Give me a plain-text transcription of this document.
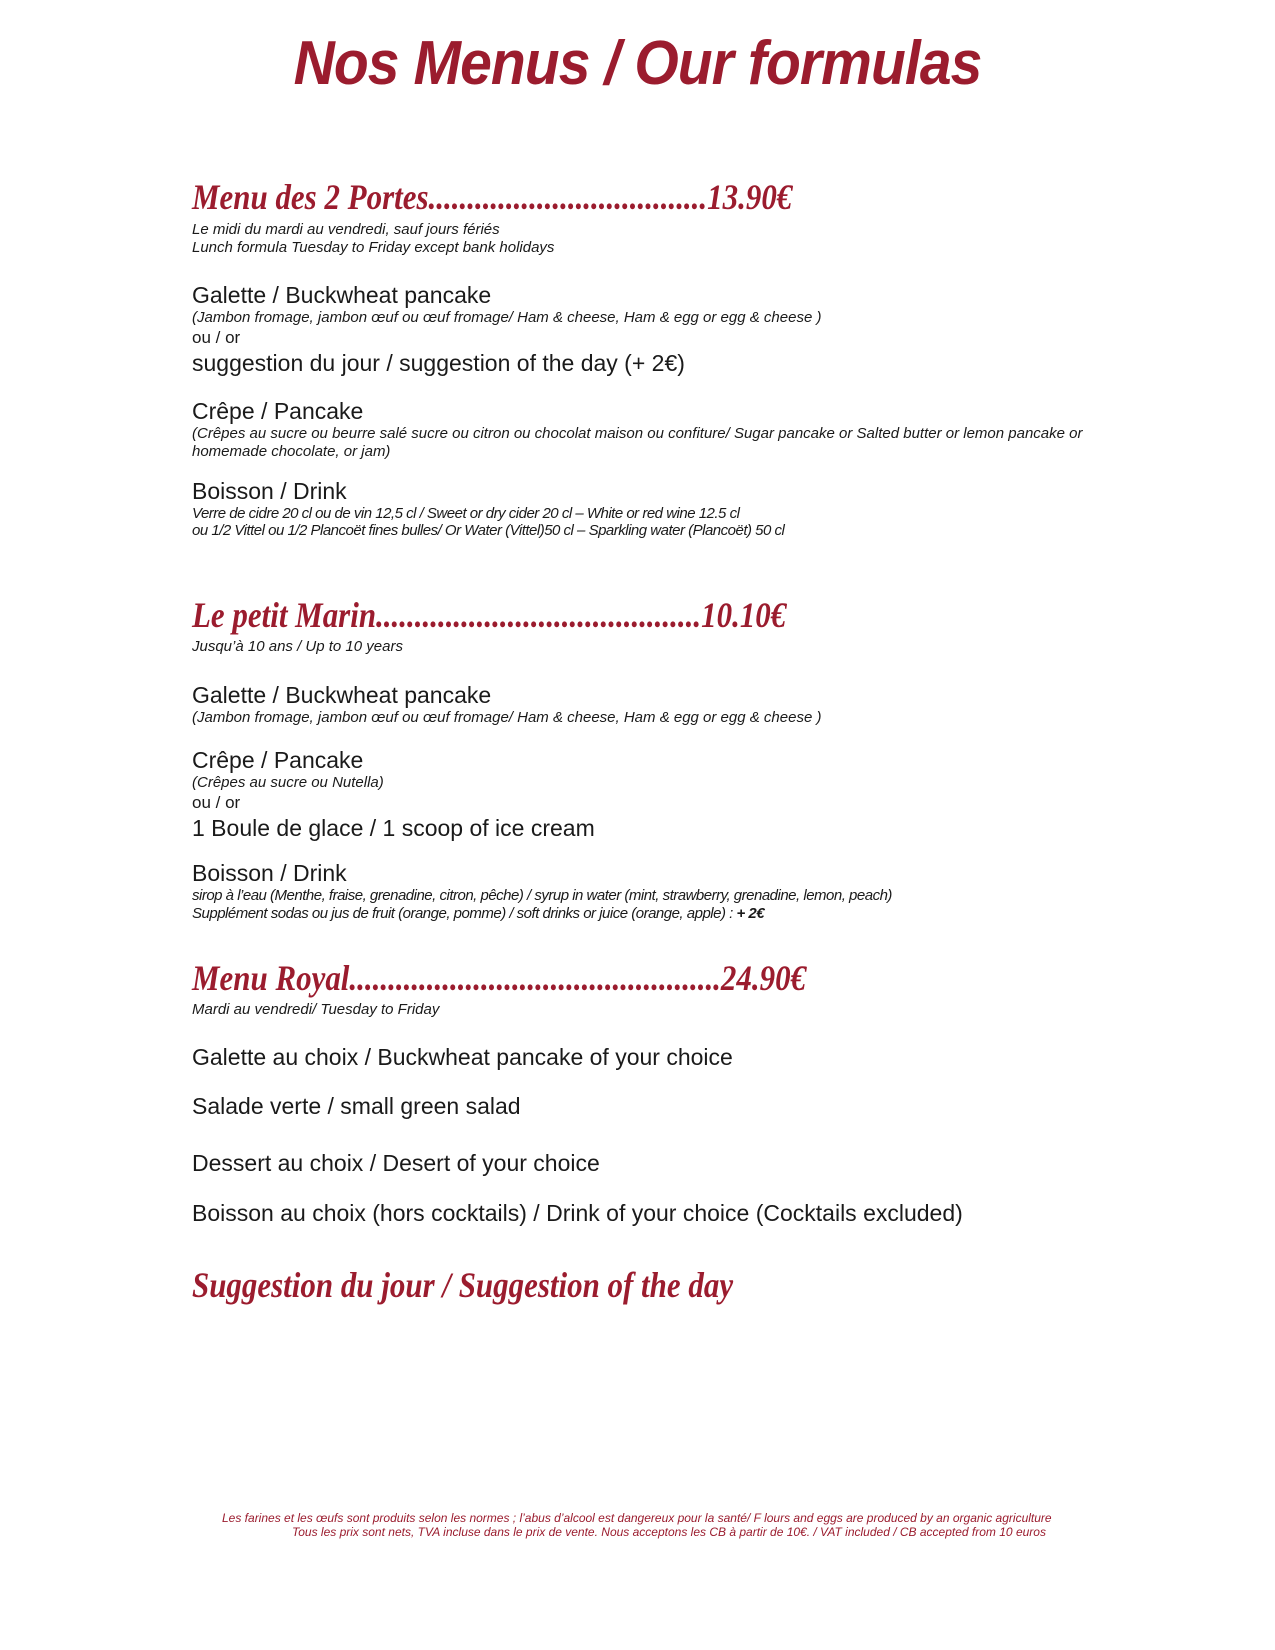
Nos Menus / Our formulas
Menu des 2 Portes....................................13.90€
Le midi du mardi au vendredi, sauf jours fériés
Lunch formula Tuesday to Friday except bank holidays
Galette / Buckwheat pancake
(Jambon fromage, jambon œuf ou œuf fromage/ Ham & cheese, Ham & egg or egg & cheese )
ou / or
suggestion du jour / suggestion of the day (+ 2€)
Crêpe / Pancake
(Crêpes au sucre ou beurre salé sucre ou citron ou chocolat maison ou confiture/ Sugar pancake or Salted butter or lemon pancake or homemade chocolate, or jam)
Boisson / Drink
Verre de cidre 20 cl ou de vin 12,5 cl / Sweet or dry cider 20 cl – White or red wine 12.5 cl
ou 1/2 Vittel ou 1/2 Plancoët fines bulles/ Or Water (Vittel)50 cl – Sparkling water (Plancoët) 50 cl
Le petit Marin..........................................10.10€
Jusqu’à 10 ans / Up to 10 years
Galette / Buckwheat pancake
(Jambon fromage, jambon œuf ou œuf fromage/ Ham & cheese, Ham & egg or egg & cheese )
Crêpe / Pancake
(Crêpes au sucre ou Nutella)
ou / or
1 Boule de glace / 1 scoop of ice cream
Boisson / Drink
sirop à l’eau (Menthe, fraise, grenadine, citron, pêche) / syrup in water (mint, strawberry, grenadine, lemon, peach)
Supplément sodas ou jus de fruit (orange, pomme) / soft drinks or juice (orange, apple) : + 2€
Menu Royal................................................24.90€
Mardi au vendredi/ Tuesday to Friday
Galette au choix / Buckwheat pancake of your choice
Salade verte / small green salad
Dessert au choix / Desert of your choice
Boisson au choix (hors cocktails) / Drink of your choice (Cocktails excluded)
Suggestion du jour / Suggestion of the day
Les farines et les œufs sont produits selon les normes ; l’abus d’alcool est dangereux pour la santé/ F lours and eggs are produced by an organic agriculture
Tous les prix sont nets, TVA incluse dans le prix de vente. Nous acceptons les CB à partir de 10€. / VAT included / CB accepted from 10 euros
